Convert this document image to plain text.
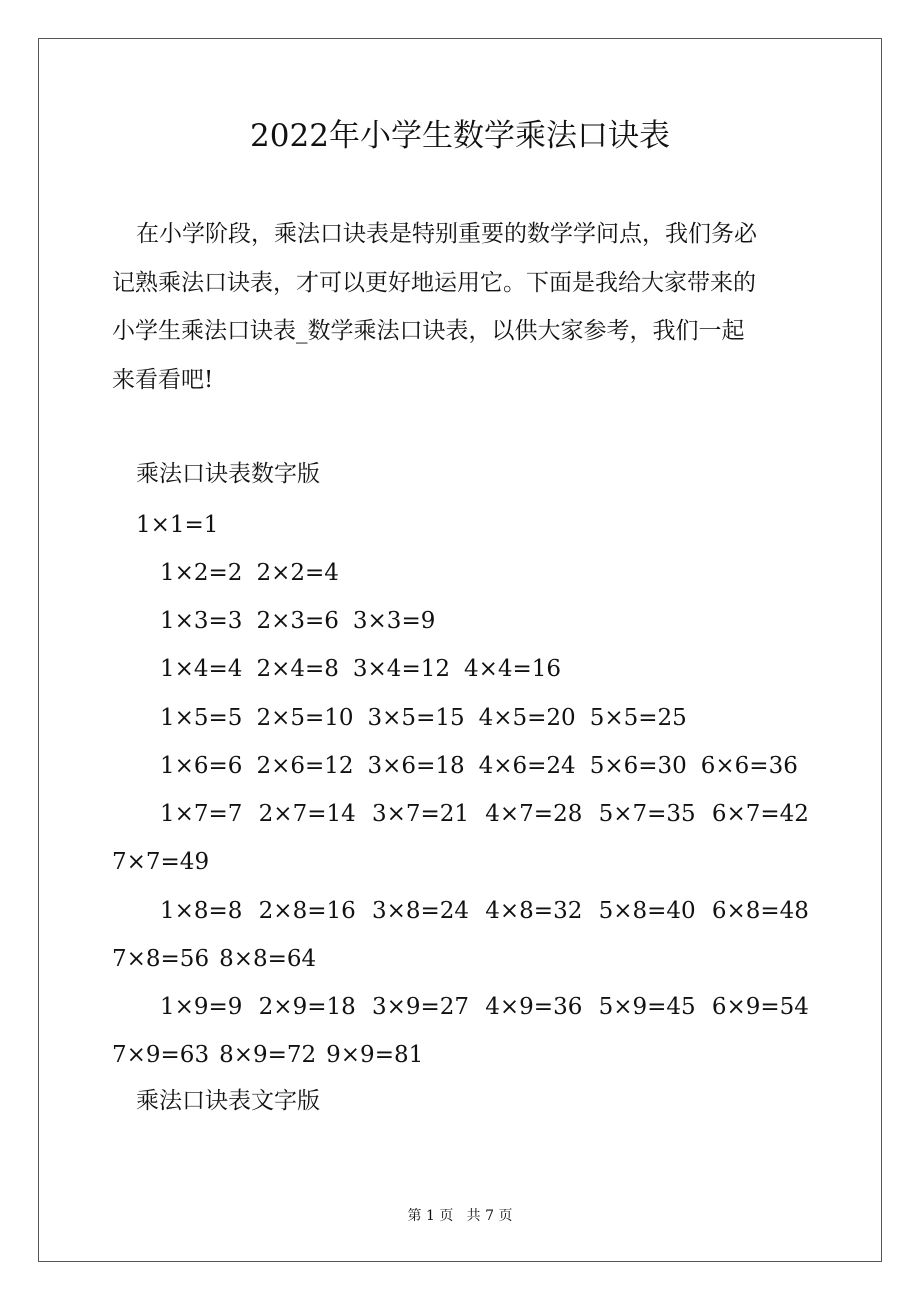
2022年小学生数学乘法口诀表
在小学阶段，乘法口诀表是特别重要的数学学问点，我们务必
记熟乘法口诀表，才可以更好地运用它。下面是我给大家带来的
小学生乘法口诀表_数学乘法口诀表，以供大家参考，我们一起
来看看吧!
乘法口诀表数字版
1×1=1
1×2=2 2×2=4
1×3=3 2×3=6 3×3=9
1×4=4 2×4=8 3×4=12 4×4=16
1×5=5 2×5=10 3×5=15 4×5=20 5×5=25
1×6=6 2×6=12 3×6=18 4×6=24 5×6=30 6×6=36
1×7=7 2×7=14 3×7=21 4×7=28 5×7=35 6×7=42
7×7=49
1×8=8 2×8=16 3×8=24 4×8=32 5×8=40 6×8=48
7×8=56 8×8=64
1×9=9 2×9=18 3×9=27 4×9=36 5×9=45 6×9=54
7×9=63 8×9=72 9×9=81
乘法口诀表文字版
第 1 页   共 7 页
